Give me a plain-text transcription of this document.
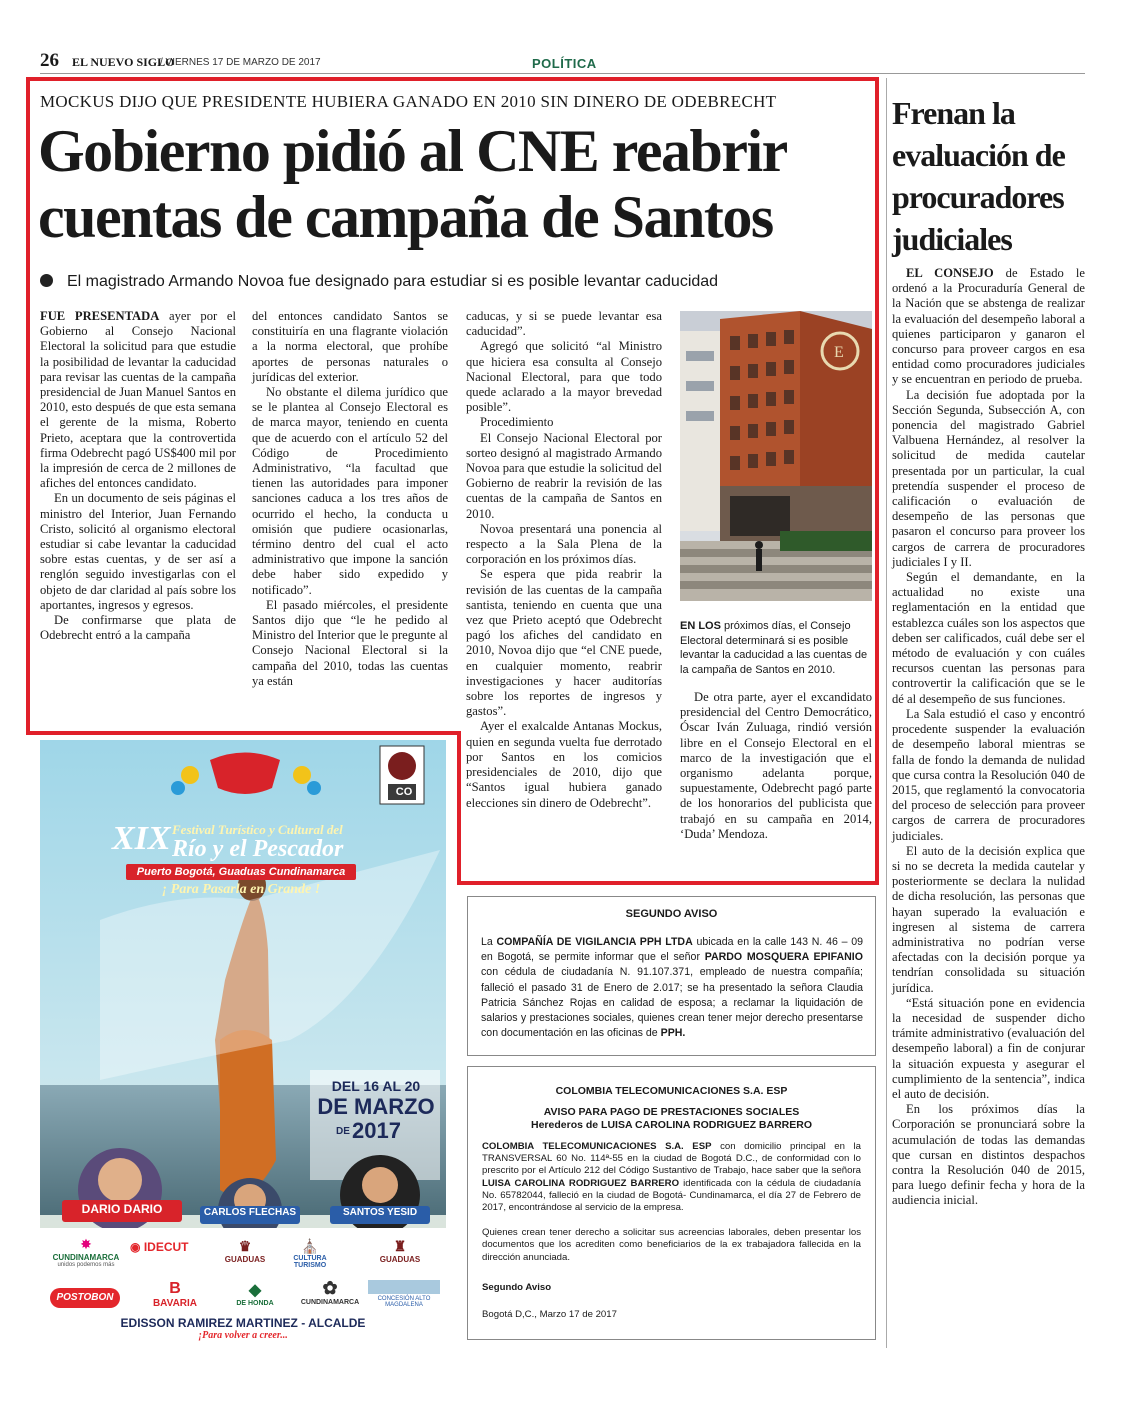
26 EL NUEVO SIGLO
/ VIERNES 17 DE MARZO DE 2017	POLÍTICA
MOCKUS DIJO QUE PRESIDENTE HUBIERA GANADO EN 2010 SIN DINERO DE ODEBRECHT
Gobierno pidió al CNE reabrir cuentas de campaña de Santos
El magistrado Armando Novoa fue designado para estudiar si es posible levantar caducidad

FUE PRESENTADA ayer por el Gobierno al Consejo Nacional Electoral la solicitud para que estudie la posibilidad de levantar la caducidad para revisar las cuentas de la campaña presidencial de Juan Manuel Santos en 2010, esto después de que esta semana el gerente de la misma, Roberto Prieto, aceptara que la controvertida firma Odebrecht pagó US$400 mil por la impresión de cerca de 2 millones de afiches del entonces candidato.

En un documento de seis páginas el ministro del Interior, Juan Fernando Cristo, solicitó al organismo electoral estudiar si cabe levantar la caducidad sobre estas cuentas, y de ser así a renglón seguido investigarlas con el objeto de dar claridad al país sobre los aportantes, ingresos y egresos.

De confirmarse que plata de Odebrecht entró a la campaña

del entonces candidato Santos se constituiría en una flagrante violación a la norma electoral, que prohíbe aportes de personas naturales o jurídicas del exterior.

No obstante el dilema jurídico que se le plantea al Consejo Electoral es de marca mayor, teniendo en cuenta que de acuerdo con el artículo 52 del Código de Procedimiento Administrativo, “la facultad que tienen las autoridades para imponer sanciones caduca a los tres años de ocurrido el hecho, la conducta u omisión que pudiere ocasionarlas, término dentro del cual el acto administrativo que impone la sanción debe haber sido expedido y notificado”.

El pasado miércoles, el presidente Santos dijo que “le he pedido al Ministro del Interior que le pregunte al Consejo Nacional Electoral si la campaña del 2010, todas las cuentas ya están

caducas, y si se puede levantar esa caducidad”.

Agregó que solicitó “al Ministro que hiciera esa consulta al Consejo Nacional Electoral, para que todo quede aclarado a la mayor brevedad posible”.

Procedimiento

El Consejo Nacional Electoral por sorteo designó al magistrado Armando Novoa para que estudie la solicitud del Gobierno de reabrir la revisión de las cuentas de la campaña de Santos en 2010.

Novoa presentará una ponencia al respecto a la Sala Plena de la corporación en los próximos días.

Se espera que pida reabrir la revisión de las cuentas de la campaña santista, teniendo en cuenta que una vez que Prieto aceptó que Odebrecht pagó los afiches del candidato en 2010, Novoa dijo que “el CNE puede, en cualquier momento, reabrir investigaciones y hacer auditorías sobre los reportes de ingresos y gastos”.

Ayer el exalcalde Antanas Mockus, quien en segunda vuelta fue derrotado por Santos en los comicios presidenciales de 2010, dijo que “Santos igual hubiera ganado elecciones sin dinero de Odebrecht”.

E
EN LOS próximos días, el Consejo Electoral determinará si es posible levantar la caducidad a las cuentas de la campaña de Santos en 2010.

De otra parte, ayer el excandidato presidencial del Centro Democrático, Óscar Iván Zuluaga, rindió versión libre en el Consejo Electoral en el marco de la investigación que el organismo adelanta porque, supuestamente, Odebrecht pagó parte de los honorarios del publicista que trabajó en su campaña en 2014, ‘Duda’ Mendoza.

Frenan la evaluación de procuradores judiciales

EL CONSEJO de Estado le ordenó a la Procuraduría General de la Nación que se abstenga de realizar la evaluación del desempeño laboral a quienes participaron y ganaron el concurso para proveer cargos en esa entidad como procuradores judiciales y se encuentran en periodo de prueba.

La decisión fue adoptada por la Sección Segunda, Subsección A, con ponencia del magistrado Gabriel Valbuena Hernández, al resolver la solicitud de medida cautelar presentada por un particular, la cual pretendía suspender el proceso de calificación o evaluación de desempeño de las personas que pasaron el concurso para proveer los cargos de carrera de procuradores judiciales I y II.

Según el demandante, en la actualidad no existe una reglamentación en la entidad que establezca cuáles son los aspectos que deben ser calificados, cuál debe ser el método de evaluación y con cuáles recursos cuentan las personas para controvertir la calificación que se le dé al desempeño de sus funciones.

La Sala estudió el caso y encontró procedente suspender la evaluación de desempeño laboral mientras se falla de fondo la demanda de nulidad que cursa contra la Resolución 040 de 2015, que reglamentó la convocatoria del proceso de selección para proveer cargos de carrera de procuradores judiciales.

El auto de la decisión explica que si no se decreta la medida cautelar y posteriormente se declara la nulidad de dicha resolución, las personas que hayan superado la evaluación e ingresen al sistema de carrera administrativa no podrían verse afectadas con la decisión porque ya tendrían consolidada su situación jurídica.

“Está situación pone en evidencia la necesidad de suspender dicho trámite administrativo (evaluación del desempeño laboral) a fin de conjurar la situación expuesta y asegurar el cumplimiento de la sentencia”, indica el auto de decisión.

En los próximos días la Corporación se pronunciará sobre la acumulación de todas las demandas que cursan en distintos despachos contra la Resolución 040 de 2015, para luego definir fecha y hora de la audiencia inicial.

XIX Festival Turístico y Cultural del
Río y el Pescador
Puerto Bogotá, Guaduas Cundinamarca
¡ Para Pasarla en Grande !
CO
DEL 16 AL 20
DE MARZO
DE 2017
DARIO DARIO	CARLOS FLECHAS	SANTOS YESID
✸
CUNDINAMARCA
unidos podemos más
◉ IDECUT	♛
GUADUAS
⛪
CULTURA TURISMO
♜
GUADUAS
POSTOBON
B
BAVARIA
◆
DE HONDA
✿
CUNDINAMARCA	CONCESIÓN ALTO MAGDALENA
EDISSON RAMIREZ MARTINEZ - ALCALDE
¡Para volver a creer...
SEGUNDO AVISO
La COMPAÑÍA DE VIGILANCIA PPH LTDA ubicada en la calle 143 N. 46 – 09 en Bogotá, se permite informar que el señor PARDO MOSQUERA EPIFANIO con cédula de ciudadanía N. 91.107.371, empleado de nuestra compañía; falleció el pasado 31 de Enero de 2.017; se ha presentado la señora Claudia Patricia Sánchez Rojas en calidad de esposa; a reclamar la liquidación de salarios y prestaciones sociales, quienes crean tener mejor derecho presentarse con documentación en las oficinas de PPH.
COLOMBIA TELECOMUNICACIONES S.A. ESP
AVISO PARA PAGO DE PRESTACIONES SOCIALES
Herederos de LUISA CAROLINA RODRIGUEZ BARRERO
COLOMBIA TELECOMUNICACIONES S.A. ESP con domicilio principal en la TRANSVERSAL 60 No. 114ª-55 en la ciudad de Bogotá D.C., de conformidad con lo prescrito por el Artículo 212 del Código Sustantivo de Trabajo, hace saber que la señora LUISA CAROLINA RODRIGUEZ BARRERO identificada con la cédula de ciudadanía No. 65782044, falleció en la ciudad de Bogotá- Cundinamarca, el día 27 de Febrero de 2017, encontrándose al servicio de la empresa.
Quienes crean tener derecho a solicitar sus acreencias laborales, deben presentar los documentos que los acrediten como beneficiarios de la ex trabajadora fallecida en la dirección anunciada.
Segundo Aviso
Bogotá D,C., Marzo 17 de 2017
